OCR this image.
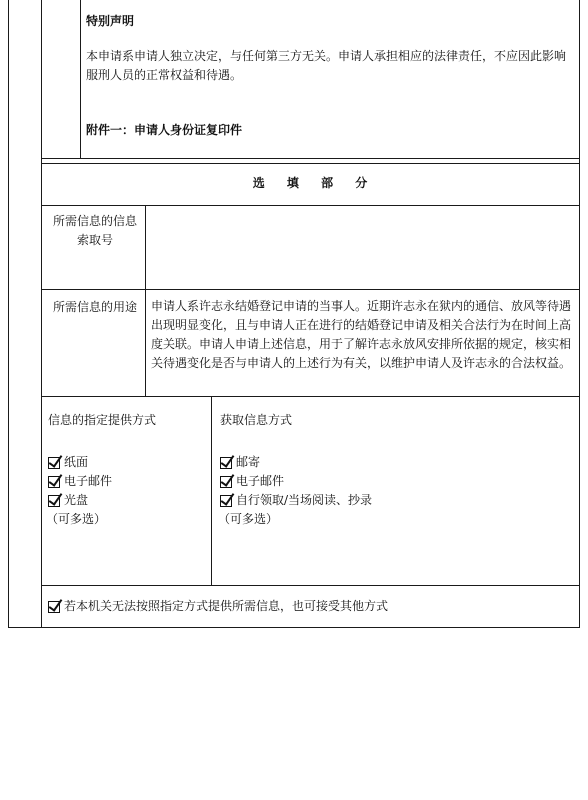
特别声明
本申请系申请人独立决定，与任何第三方无关。申请人承担相应的法律责任，不应因此影响服刑人员的正常权益和待遇。
附件一：申请人身份证复印件
选 填 部 分
所需信息的信息索取号
所需信息的用途 申请人系许志永结婚登记申请的当事人。近期许志永在狱内的通信、放风等待遇出现明显变化，且与申请人正在进行的结婚登记申请及相关合法行为在时间上高度关联。申请人申请上述信息，用于了解许志永放风安排所依据的规定，核实相关待遇变化是否与申请人的上述行为有关，以维护申请人及许志永的合法权益。
信息的指定提供方式
纸面
电子邮件
光盘
（可多选）
获取信息方式
邮寄
电子邮件
自行领取/当场阅读、抄录
（可多选）
若本机关无法按照指定方式提供所需信息，也可接受其他方式
